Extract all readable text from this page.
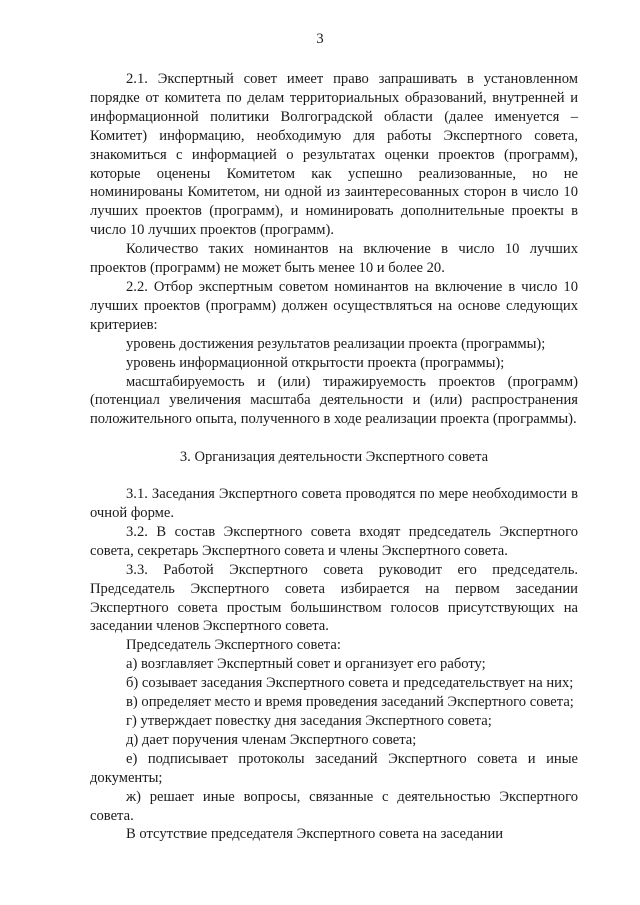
3

2.1. Экспертный совет имеет право запрашивать в установленном порядке от комитета по делам территориальных образований, внутренней и информационной политики Волгоградской области (далее именуется – Комитет) информацию, необходимую для работы Экспертного совета, знакомиться с информацией о результатах оценки проектов (программ), которые оценены Комитетом как успешно реализованные, но не номинированы Комитетом, ни одной из заинтересованных сторон в число 10 лучших проектов (программ), и номинировать дополнительные проекты в число 10 лучших проектов (программ).

Количество таких номинантов на включение в число 10 лучших проектов (программ) не может быть менее 10 и более 20.

2.2. Отбор экспертным советом номинантов на включение в число 10 лучших проектов (программ) должен осуществляться на основе следующих критериев:

уровень достижения результатов реализации проекта (программы);

уровень информационной открытости проекта (программы);

масштабируемость и (или) тиражируемость проектов (программ) (потенциал увеличения масштаба деятельности и (или) распространения положительного опыта, полученного в ходе реализации проекта (программы).

3. Организация деятельности Экспертного совета

3.1. Заседания Экспертного совета проводятся по мере необходимости в очной форме.

3.2. В состав Экспертного совета входят председатель Экспертного совета, секретарь Экспертного совета и члены Экспертного совета.

3.3. Работой Экспертного совета руководит его председатель. Председатель Экспертного совета избирается на первом заседании Экспертного совета простым большинством голосов присутствующих на заседании членов Экспертного совета.

Председатель Экспертного совета:

а) возглавляет Экспертный совет и организует его работу;

б) созывает заседания Экспертного совета и председательствует на них;

в) определяет место и время проведения заседаний Экспертного совета;

г) утверждает повестку дня заседания Экспертного совета;

д) дает поручения членам Экспертного совета;

е) подписывает протоколы заседаний Экспертного совета и иные документы;

ж) решает иные вопросы, связанные с деятельностью Экспертного совета.

В отсутствие председателя Экспертного совета на заседании
